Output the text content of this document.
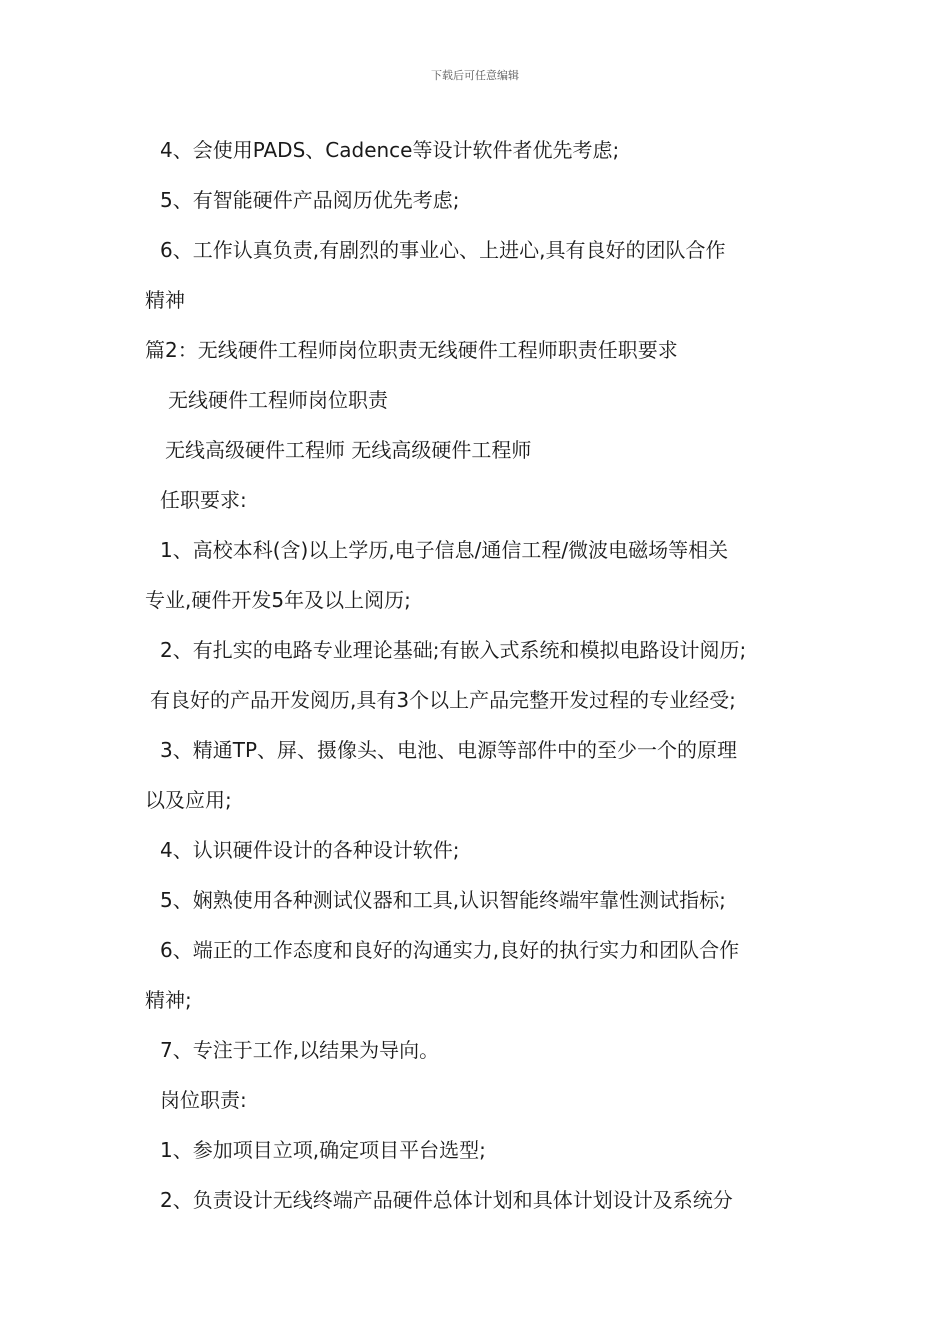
下载后可任意编辑
4、会使用PADS、Cadence等设计软件者优先考虑;
5、有智能硬件产品阅历优先考虑;
6、工作认真负责,有剧烈的事业心、上进心,具有良好的团队合作
精神
篇2：无线硬件工程师岗位职责无线硬件工程师职责任职要求
无线硬件工程师岗位职责
无线高级硬件工程师 无线高级硬件工程师
任职要求:
1、高校本科(含)以上学历,电子信息/通信工程/微波电磁场等相关
专业,硬件开发5年及以上阅历;
2、有扎实的电路专业理论基础;有嵌入式系统和模拟电路设计阅历;
有良好的产品开发阅历,具有3个以上产品完整开发过程的专业经受;
3、精通TP、屏、摄像头、电池、电源等部件中的至少一个的原理
以及应用;
4、认识硬件设计的各种设计软件;
5、娴熟使用各种测试仪器和工具,认识智能终端牢靠性测试指标;
6、端正的工作态度和良好的沟通实力,良好的执行实力和团队合作
精神;
7、专注于工作,以结果为导向。
岗位职责:
1、参加项目立项,确定项目平台选型;
2、负责设计无线终端产品硬件总体计划和具体计划设计及系统分
